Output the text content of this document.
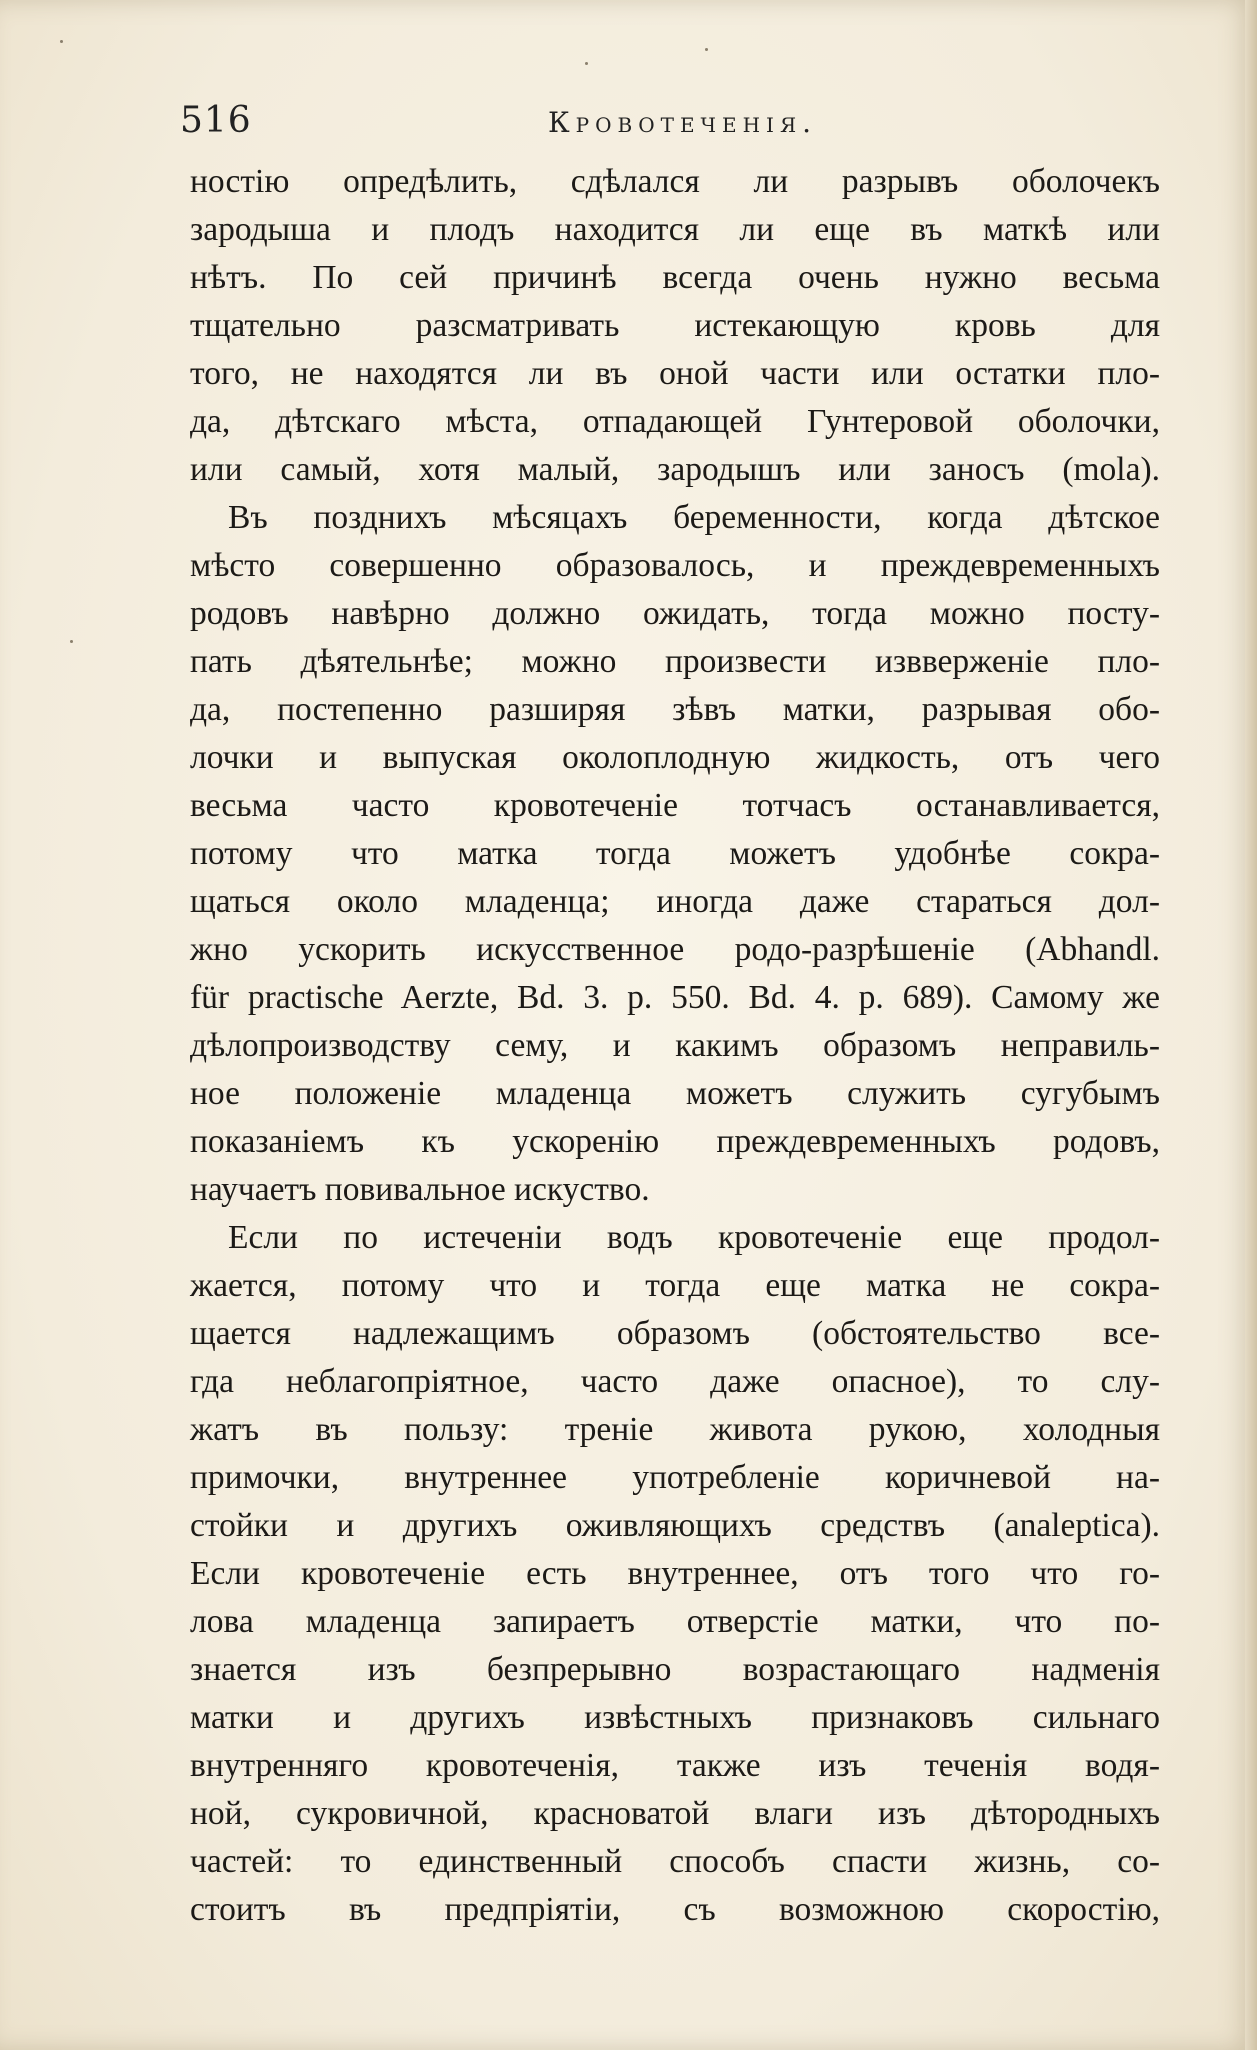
516	Кровотеченія.
ностію опредѣлить, сдѣлался ли разрывъ оболочекъ
зародыша и плодъ находится ли еще въ маткѣ или
нѣтъ. По сей причинѣ всегда очень нужно весьма
тщательно разсматривать истекающую кровь для
того, не находятся ли въ оной части или остатки пло-
да, дѣтскаго мѣста, отпадающей Гунтеровой оболочки,
или самый, хотя малый, зародышъ или заносъ (mola).
Въ позднихъ мѣсяцахъ беременности, когда дѣтское
мѣсто совершенно образовалось, и преждевременныхъ
родовъ навѣрно должно ожидать, тогда можно посту-
пать дѣятельнѣе; можно произвести извверженіе пло-
да, постепенно разширяя зѣвъ матки, разрывая обо-
лочки и выпуская околоплодную жидкость, отъ чего
весьма часто кровотеченіе тотчасъ останавливается,
потому что матка тогда можетъ удобнѣе сокра-
щаться около младенца; иногда даже стараться дол-
жно ускорить искусственное родо-разрѣшеніе (Abhandl.
für practische Aerzte, Bd. 3. p. 550. Bd. 4. p. 689). Самому же
дѣлопроизводству сему, и какимъ образомъ неправиль-
ное положеніе младенца можетъ служить сугубымъ
показаніемъ къ ускоренію преждевременныхъ родовъ,
научаетъ повивальное искуство.
Если по истеченіи водъ кровотеченіе еще продол-
жается, потому что и тогда еще матка не сокра-
щается надлежащимъ образомъ (обстоятельство все-
гда неблагопріятное, часто даже опасное), то слу-
жатъ въ пользу: треніе живота рукою, холодныя
примочки, внутреннее употребленіе коричневой на-
стойки и другихъ оживляющихъ средствъ (analeptica).
Если кровотеченіе есть внутреннее, отъ того что го-
лова младенца запираетъ отверстіе матки, что по-
знается изъ безпрерывно возрастающаго надменія
матки и другихъ извѣстныхъ признаковъ сильнаго
внутренняго кровотеченія, также изъ теченія водя-
ной, сукровичной, красноватой влаги изъ дѣтородныхъ
частей: то единственный способъ спасти жизнь, со-
стоитъ въ предпріятіи, съ возможною скоростію,
